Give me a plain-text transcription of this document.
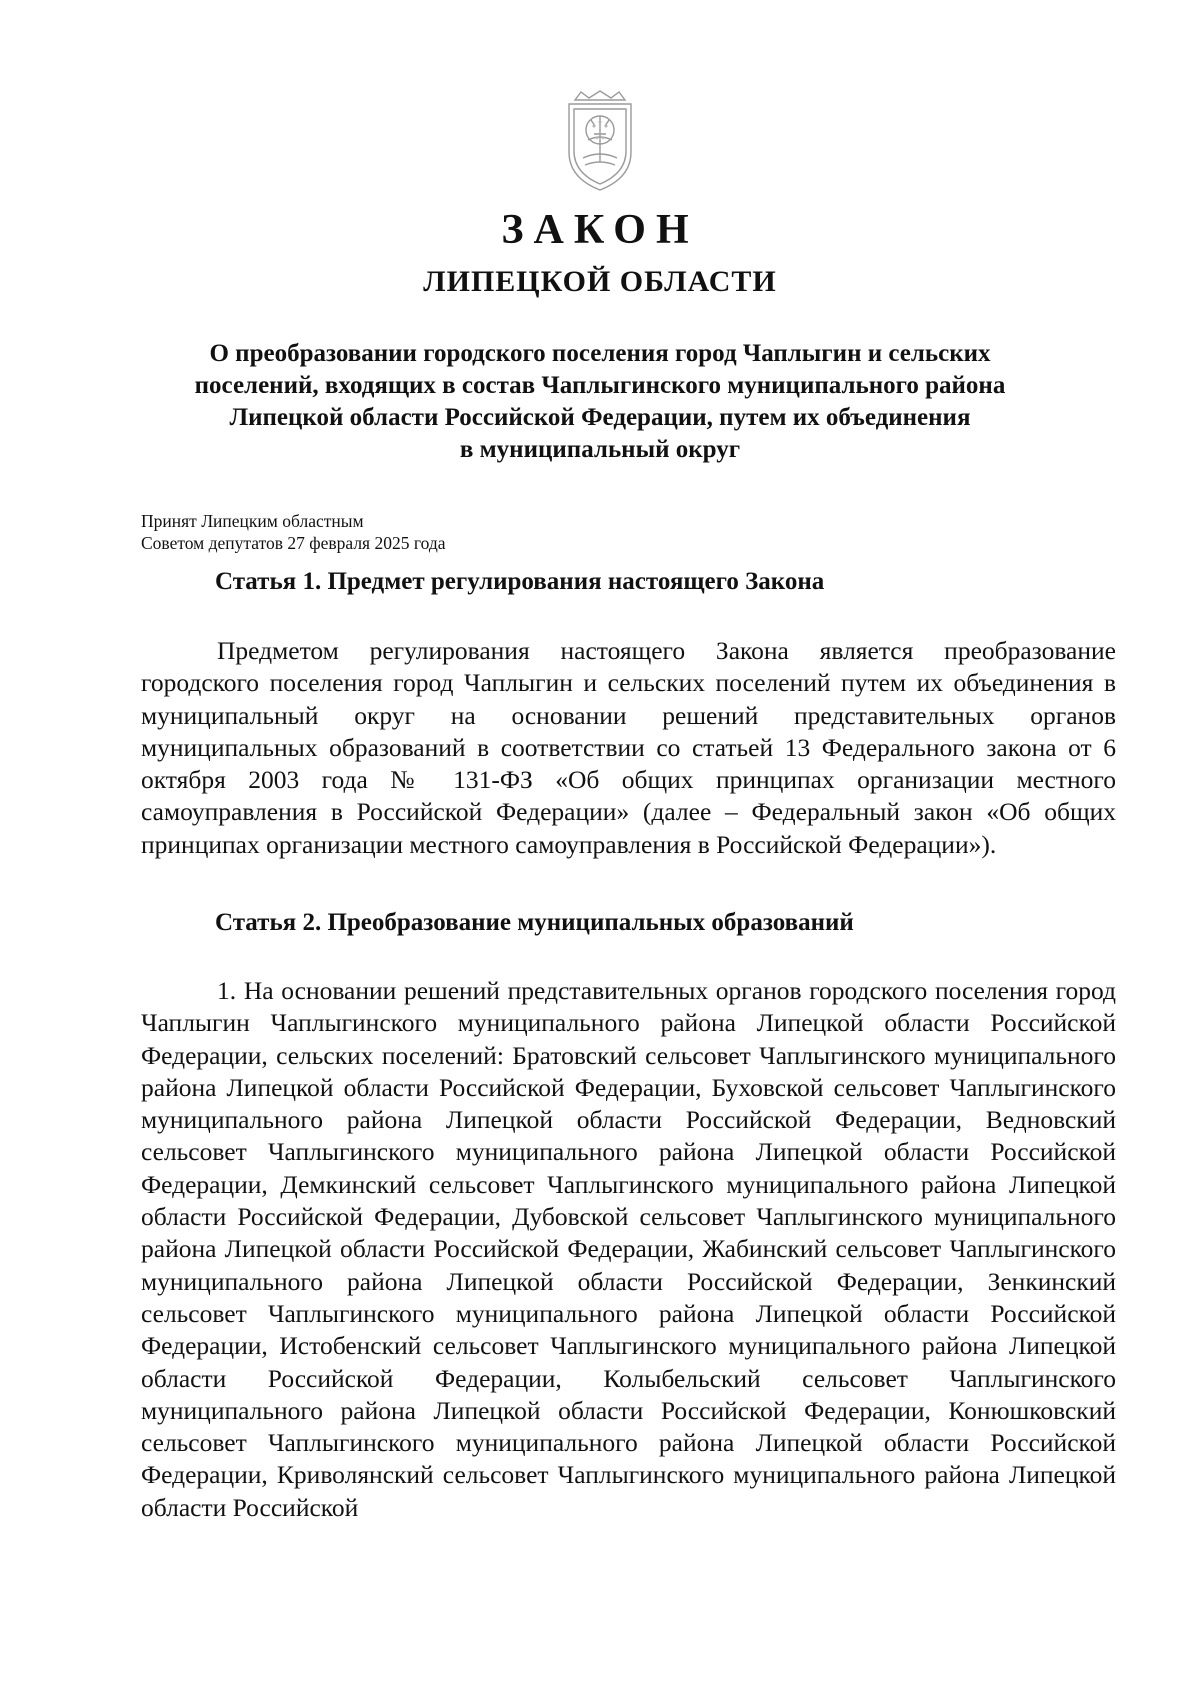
ЗАКОН
ЛИПЕЦКОЙ ОБЛАСТИ
О преобразовании городского поселения город Чаплыгин и сельских
поселений, входящих в состав Чаплыгинского муниципального района
Липецкой области Российской Федерации, путем их объединения
в муниципальный округ
Принят Липецким областным
Советом депутатов 27 февраля 2025 года
Статья 1. Предмет регулирования настоящего Закона
Предметом регулирования настоящего Закона является преобразование городского поселения город Чаплыгин и сельских поселений путем их объединения в муниципальный округ на основании решений представительных органов муниципальных образований в соответствии со статьей 13 Федерального закона от 6 октября 2003 года № 131-ФЗ «Об общих принципах организации местного самоуправления в Российской Федерации» (далее – Федеральный закон «Об общих принципах организации местного самоуправления в Российской Федерации»).
Статья 2. Преобразование муниципальных образований
1. На основании решений представительных органов городского поселения город Чаплыгин Чаплыгинского муниципального района Липецкой области Российской Федерации, сельских поселений: Братовский сельсовет Чаплыгинского муниципального района Липецкой области Российской Федерации, Буховской сельсовет Чаплыгинского муниципального района Липецкой области Российской Федерации, Ведновский сельсовет Чаплыгинского муниципального района Липецкой области Российской Федерации, Демкинский сельсовет Чаплыгинского муниципального района Липецкой области Российской Федерации, Дубовской сельсовет Чаплыгинского муниципального района Липецкой области Российской Федерации, Жабинский сельсовет Чаплыгинского муниципального района Липецкой области Российской Федерации, Зенкинский сельсовет Чаплыгинского муниципального района Липецкой области Российской Федерации, Истобенский сельсовет Чаплыгинского муниципального района Липецкой области Российской Федерации, Колыбельский сельсовет Чаплыгинского муниципального района Липецкой области Российской Федерации, Конюшковский сельсовет Чаплыгинского муниципального района Липецкой области Российской Федерации, Криволянский сельсовет Чаплыгинского муниципального района Липецкой области Российской
